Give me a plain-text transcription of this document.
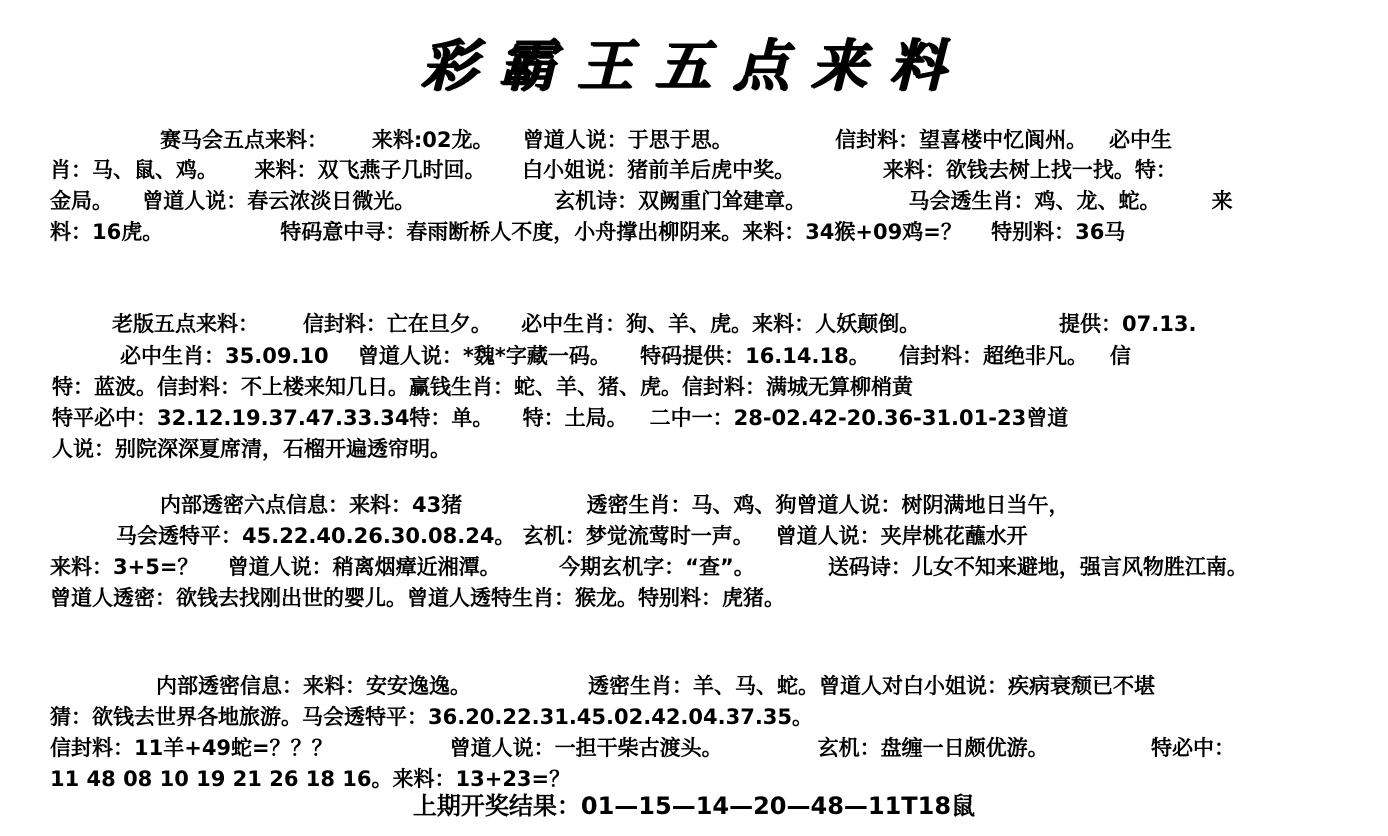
彩霸王五点来料
赛马会五点来料：      来料:02龙。    曾道人说：于思于思。              信封料：望喜楼中忆阆州。   必中生
肖：马、鼠、鸡。     来料：双飞燕子几时回。     白小姐说：猪前羊后虎中奖。            来料：欲钱去树上找一找。特：
金局。    曾道人说：春云浓淡日微光。                   玄机诗：双阙重门耸建章。              马会透生肖：鸡、龙、蛇。       来
料：16虎。                特码意中寻：春雨断桥人不度，小舟撑出柳阴来。来料：34猴+09鸡=？    特别料：36马
老版五点来料：      信封料：亡在旦夕。    必中生肖：狗、羊、虎。来料：人妖颠倒。                   提供：07.13.
必中生肖：35.09.10    曾道人说：*魏*字藏一码。    特码提供：16.14.18。    信封料：超绝非凡。   信
特：蓝波。信封料：不上楼来知几日。赢钱生肖：蛇、羊、猪、虎。信封料：满城无算柳梢黄
特平必中：32.12.19.37.47.33.34特：单。    特：土局。   二中一：28-02.42-20.36-31.01-23曾道
人说：别院深深夏席清，石榴开遍透帘明。
内部透密六点信息：来料：43猪                 透密生肖：马、鸡、狗曾道人说：树阴满地日当午，
马会透特平：45.22.40.26.30.08.24。 玄机：梦觉流莺时一声。   曾道人说：夹岸桃花蘸水开
来料：3+5=？    曾道人说：稍离烟瘴近湘潭。        今期玄机字：“查”。          送码诗：儿女不知来避地，强言风物胜江南。
曾道人透密：欲钱去找刚出世的婴儿。曾道人透特生肖：猴龙。特别料：虎猪。
内部透密信息：来料：安安逸逸。                透密生肖：羊、马、蛇。曾道人对白小姐说：疾病衰颓已不堪
猜：欲钱去世界各地旅游。马会透特平：36.20.22.31.45.02.42.04.37.35。
信封料：11羊+49蛇=？？？                曾道人说：一担干柴古渡头。             玄机：盘缠一日颇优游。              特必中：
11 48 08 10 19 21 26 18 16。来料：13+23=？
上期开奖结果：01—15—14—20—48—11T18鼠
